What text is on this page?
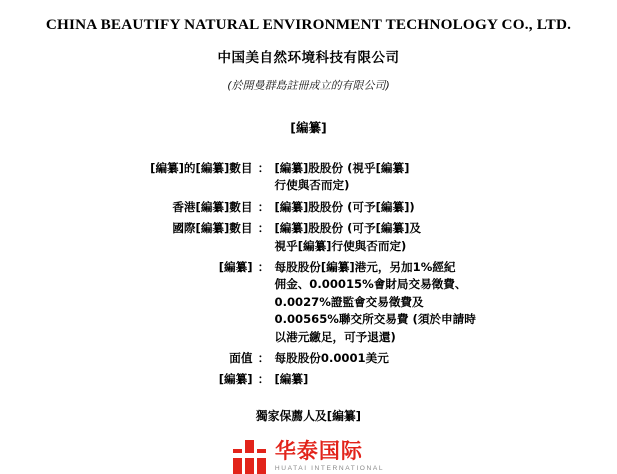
CHINA BEAUTIFY NATURAL ENVIRONMENT TECHNOLOGY CO., LTD.
中国美自然环境科技有限公司
(於開曼群島註冊成立的有限公司)
[編纂]
[編纂]的[編纂]數目	：	[編纂]股股份 (視乎[編纂]
行使與否而定)

香港[編纂]數目	：	[編纂]股股份 (可予[編纂])

國際[編纂]數目	：	[編纂]股股份 (可予[編纂]及
視乎[編纂]行使與否而定)

[編纂]	：	每股股份[編纂]港元，另加1%經紀
佣金、0.00015%會財局交易徵費、
0.0027%證監會交易徵費及
0.00565%聯交所交易費 (須於申請時
以港元繳足，可予退還)

面值	：	每股股份0.0001美元

[編纂]	：	[編纂]
獨家保薦人及[編纂]
华泰国际
HUATAI INTERNATIONAL
